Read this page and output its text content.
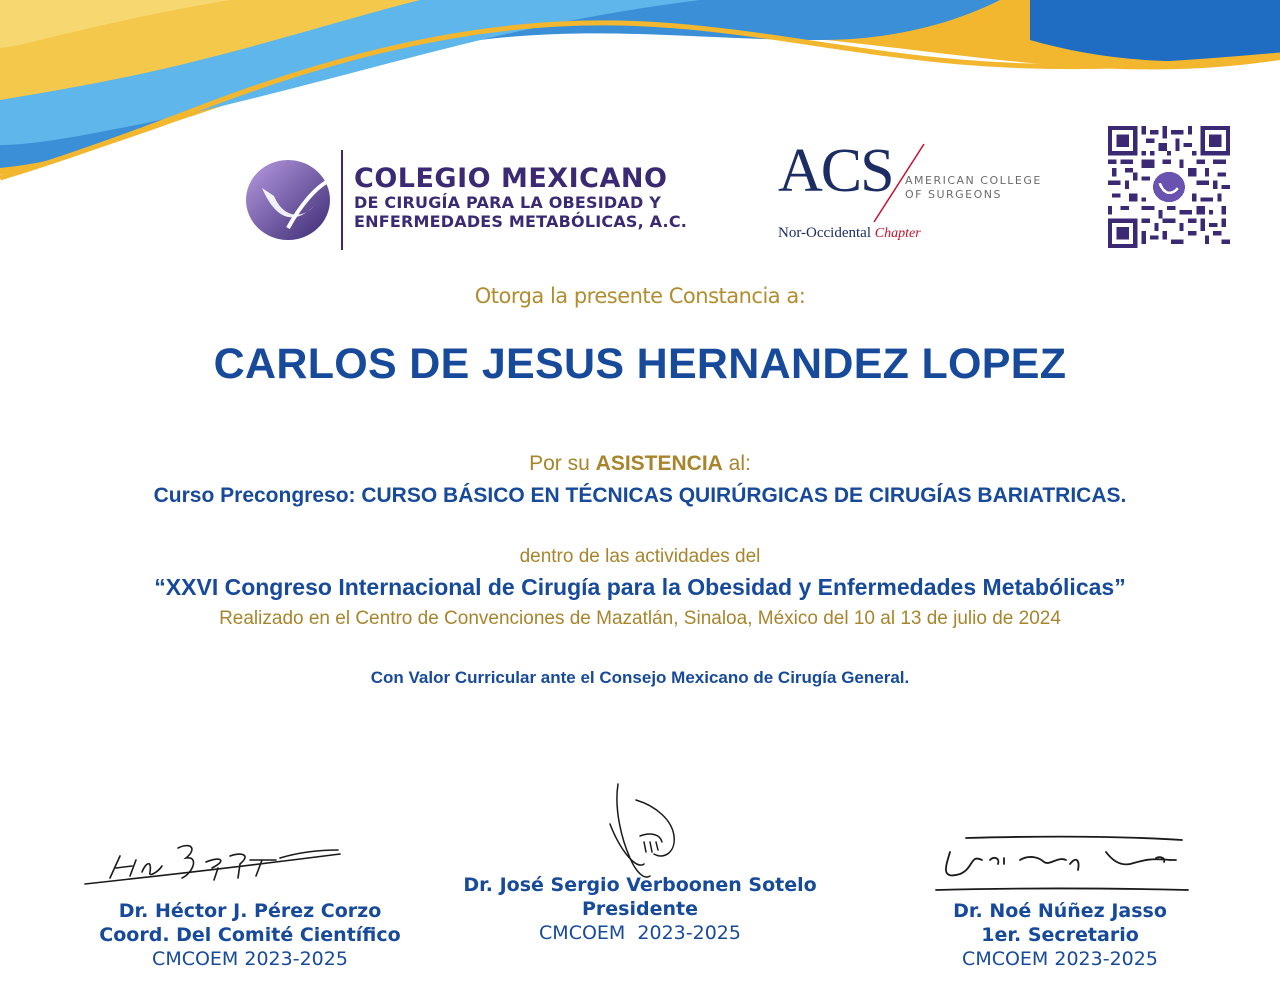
COLEGIO MEXICANO
DE CIRUGÍA PARA LA OBESIDAD Y
ENFERMEDADES METABÓLICAS, A.C.
ACS AMERICAN COLLEGE
OF SURGEONS
Nor-Occidental Chapter
Otorga la presente Constancia a:
CARLOS DE JESUS HERNANDEZ LOPEZ
Por su ASISTENCIA al:
Curso Precongreso: CURSO BÁSICO EN TÉCNICAS QUIRÚRGICAS DE CIRUGÍAS BARIATRICAS.
dentro de las actividades del
“XXVI Congreso Internacional de Cirugía para la Obesidad y Enfermedades Metabólicas”
Realizado en el Centro de Convenciones de Mazatlán, Sinaloa, México del 10 al 13 de julio de 2024
Con Valor Curricular ante el Consejo Mexicano de Cirugía General.
Dr. Héctor J. Pérez Corzo
Coord. Del Comité Científico
CMCOEM 2023-2025
Dr. José Sergio Verboonen Sotelo
Presidente
CMCOEM  2023-2025
Dr. Noé Núñez Jasso
1er. Secretario
CMCOEM 2023-2025
